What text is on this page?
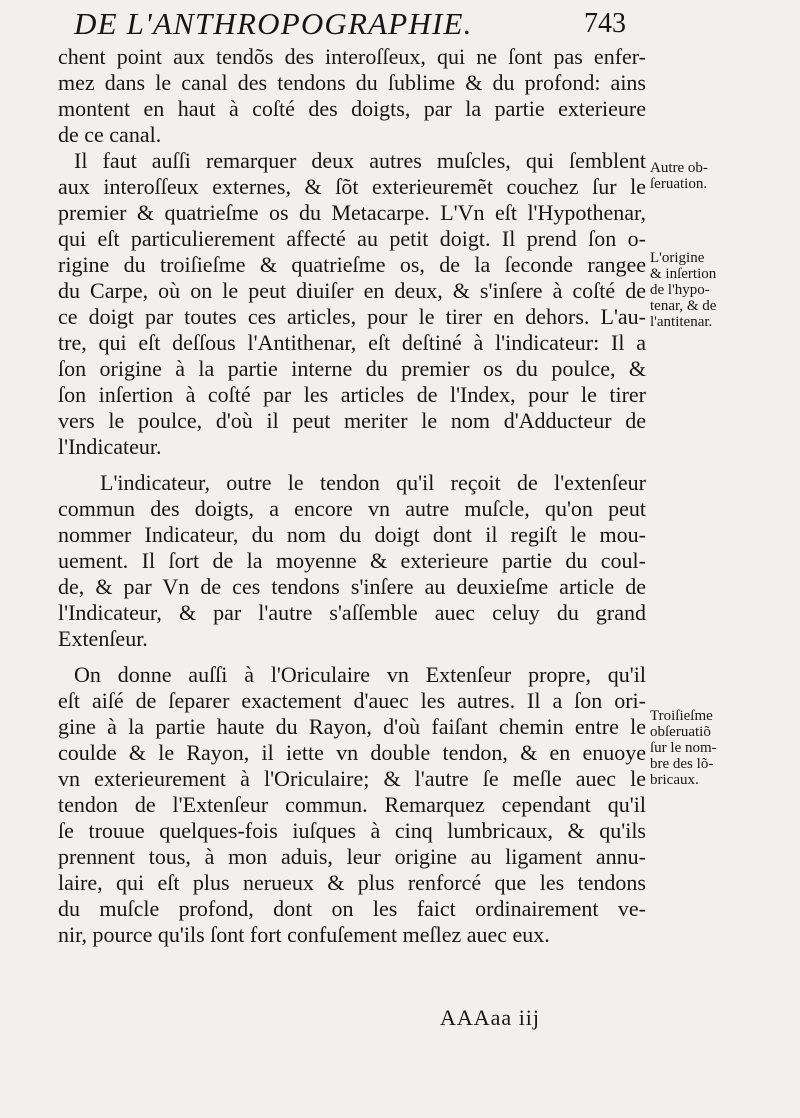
DE L'ANTHROPOGRAPHIE.	743
chent point aux tendõs des interoſſeux, qui ne ſont pas enfer-
mez dans le canal des tendons du ſublime & du profond: ains
montent en haut à coſté des doigts, par la partie exterieure
de ce canal.
Il faut auſſi remarquer deux autres muſcles, qui ſemblent
aux interoſſeux externes, & ſõt exterieuremẽt couchez ſur le
premier & quatrieſme os du Metacarpe. L'Vn eſt l'Hypothenar,
qui eſt particulierement affecté au petit doigt. Il prend ſon o-
rigine du troiſieſme & quatrieſme os, de la ſeconde rangee
du Carpe, où on le peut diuiſer en deux, & s'inſere à coſté de
ce doigt par toutes ces articles, pour le tirer en dehors. L'au-
tre, qui eſt deſſous l'Antithenar, eſt deſtiné à l'indicateur: Il a
ſon origine à la partie interne du premier os du poulce, &
ſon inſertion à coſté par les articles de l'Index, pour le tirer
vers le poulce, d'où il peut meriter le nom d'Adducteur de
l'Indicateur.
L'indicateur, outre le tendon qu'il reçoit de l'extenſeur
commun des doigts, a encore vn autre muſcle, qu'on peut
nommer Indicateur, du nom du doigt dont il regiſt le mou-
uement. Il ſort de la moyenne & exterieure partie du coul-
de, & par Vn de ces tendons s'inſere au deuxieſme article de
l'Indicateur, & par l'autre s'aſſemble auec celuy du grand
Extenſeur.
On donne auſſi à l'Oriculaire vn Extenſeur propre, qu'il
eſt aiſé de ſeparer exactement d'auec les autres. Il a ſon ori-
gine à la partie haute du Rayon, d'où faiſant chemin entre le
coulde & le Rayon, il iette vn double tendon, & en enuoye
vn exterieurement à l'Oriculaire; & l'autre ſe meſle auec le
tendon de l'Extenſeur commun. Remarquez cependant qu'il
ſe trouue quelques-fois iuſques à cinq lumbricaux, & qu'ils
prennent tous, à mon aduis, leur origine au ligament annu-
laire, qui eſt plus nerueux & plus renforcé que les tendons
du muſcle profond, dont on les faict ordinairement ve-
nir, pource qu'ils ſont fort confuſement meſlez auec eux.
Autre ob-
ſeruation.
L'origine
& inſertion
de l'hypo-
tenar, & de
l'antitenar.
Troiſieſme
obſeruatiõ
ſur le nom-
bre des lõ-
bricaux.
AAAaa iij
